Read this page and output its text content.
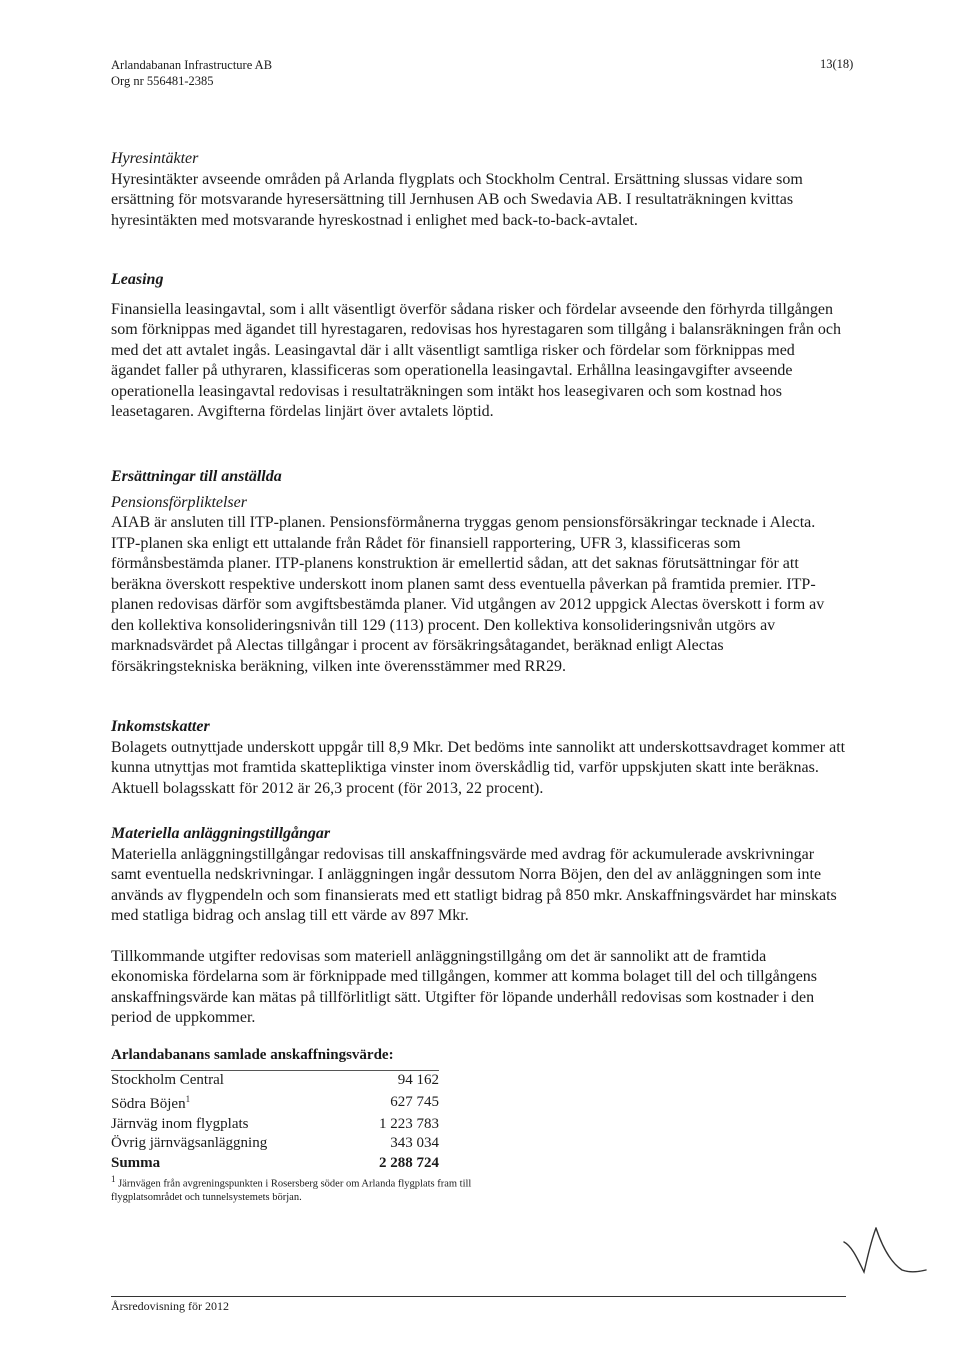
Arlandabanan Infrastructure AB
Org nr 556481-2385
13(18)

Hyresintäkter

Hyresintäkter avseende områden på Arlanda flygplats och Stockholm Central. Ersättning slussas vidare som ersättning för motsvarande hyresersättning till Jernhusen AB och Swedavia AB. I resultaträkningen kvittas hyresintäkten med motsvarande hyreskostnad i enlighet med back-to-back-avtalet.

Leasing

Finansiella leasingavtal, som i allt väsentligt överför sådana risker och fördelar avseende den förhyrda tillgången som förknippas med ägandet till hyrestagaren, redovisas hos hyrestagaren som tillgång i balansräkningen från och med det att avtalet ingås. Leasingavtal där i allt väsentligt samtliga risker och fördelar som förknippas med ägandet faller på uthyraren, klassificeras som operationella leasingavtal. Erhållna leasingavgifter avseende operationella leasingavtal redovisas i resultaträkningen som intäkt hos leasegivaren och som kostnad hos leasetagaren. Avgifterna fördelas linjärt över avtalets löptid.

Ersättningar till anställda

Pensionsförpliktelser

AIAB är ansluten till ITP-planen. Pensionsförmånerna tryggas genom pensionsförsäkringar tecknade i Alecta. ITP-planen ska enligt ett uttalande från Rådet för finansiell rapportering, UFR 3, klassificeras som förmånsbestämda planer. ITP-planens konstruktion är emellertid sådan, att det saknas förutsättningar för att beräkna överskott respektive underskott inom planen samt dess eventuella påverkan på framtida premier. ITP-planen redovisas därför som avgiftsbestämda planer. Vid utgången av 2012 uppgick Alectas överskott i form av den kollektiva konsolideringsnivån till 129 (113) procent. Den kollektiva konsolideringsnivån utgörs av marknadsvärdet på Alectas tillgångar i procent av försäkringsåtagandet, beräknad enligt Alectas försäkringstekniska beräkning, vilken inte överensstämmer med RR29.

Inkomstskatter

Bolagets outnyttjade underskott uppgår till 8,9 Mkr. Det bedöms inte sannolikt att underskottsavdraget kommer att kunna utnyttjas mot framtida skattepliktiga vinster inom överskådlig tid, varför uppskjuten skatt inte beräknas. Aktuell bolagsskatt för 2012 är 26,3 procent (för 2013, 22 procent).

Materiella anläggningstillgångar

Materiella anläggningstillgångar redovisas till anskaffningsvärde med avdrag för ackumulerade avskrivningar samt eventuella nedskrivningar. I anläggningen ingår dessutom Norra Böjen, den del av anläggningen som inte används av flygpendeln och som finansierats med ett statligt bidrag på 850 mkr. Anskaffningsvärdet har minskats med statliga bidrag och anslag till ett värde av 897 Mkr.

Tillkommande utgifter redovisas som materiell anläggningstillgång om det är sannolikt att de framtida ekonomiska fördelarna som är förknippade med tillgången, kommer att komma bolaget till del och tillgångens anskaffningsvärde kan mätas på tillförlitligt sätt. Utgifter för löpande underhåll redovisas som kostnader i den period de uppkommer.

Arlandabanans samlade anskaffningsvärde:

Stockholm Central	94 162
Södra Böjen$^1$	627 745
Järnväg inom flygplats	1 223 783
Övrig järnvägsanläggning	343 034
Summa	2 288 724
1 Järnvägen från avgreningspunkten i Rosersberg söder om Arlanda flygplats fram till flygplatsområdet och tunnelsystemets början.
Årsredovisning för 2012
